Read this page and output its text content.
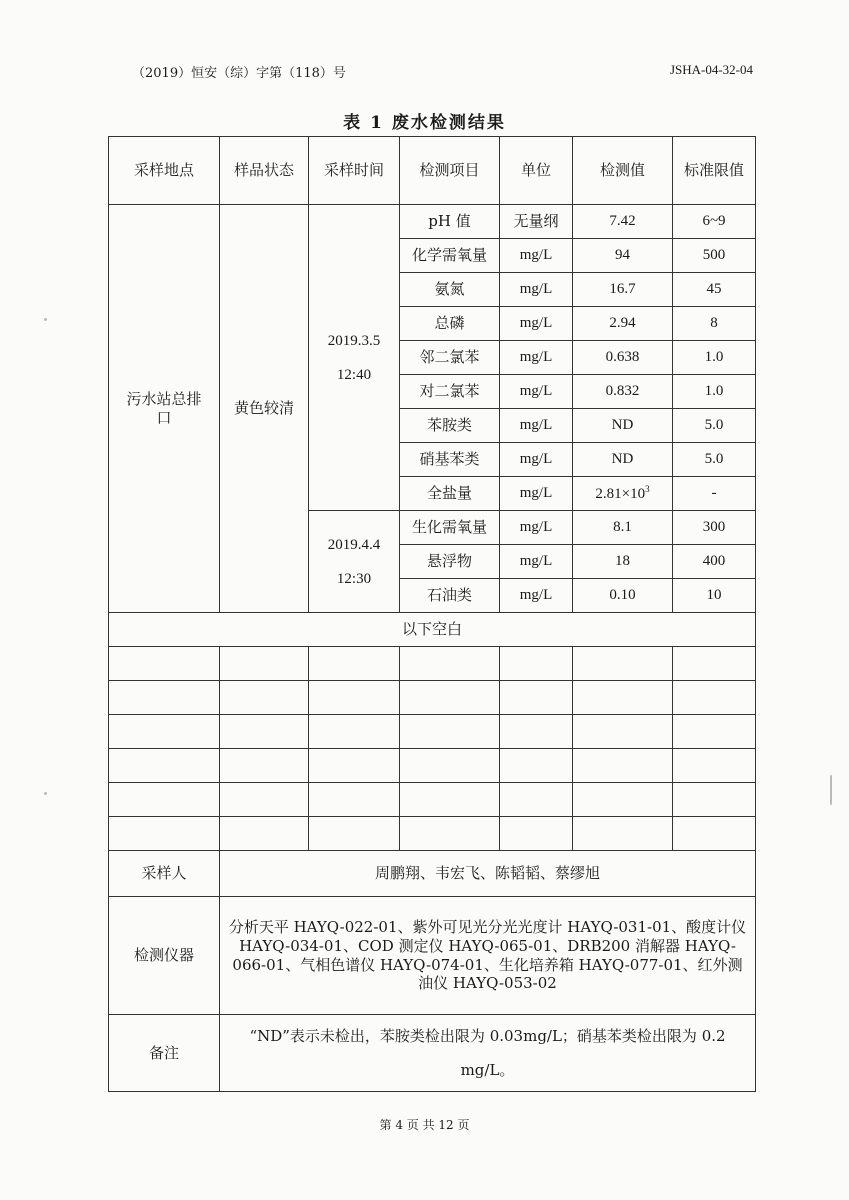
（2019）恒安（综）字第（118）号	JSHA-04-32-04
表 1 废水检测结果
采样地点	样品状态	采样时间	检测项目	单位	检测值	标准限值
污水站总排口	黄色较清	2019.3.5 12:40	pH 值	无量纲	7.42	6~9
			化学需氧量	mg/L	94	500
			氨氮	mg/L	16.7	45
			总磷	mg/L	2.94	8
			邻二氯苯	mg/L	0.638	1.0
			对二氯苯	mg/L	0.832	1.0
			苯胺类	mg/L	ND	5.0
			硝基苯类	mg/L	ND	5.0
			全盐量	mg/L	$2.81\times 10^3$	-
		2019.4.4 12:30	生化需氧量	mg/L	8.1	300
			悬浮物	mg/L	18	400
			石油类	mg/L	0.10	10
以下空白						

采样人	周鹏翔、韦宏飞、陈韬韬、蔡缪旭					
检测仪器	分析天平 HAYQ-022-01、紫外可见光分光光度计 HAYQ-031-01、酸度计仪 HAYQ-034-01、COD 测定仪 HAYQ-065-01、DRB200 消解器 HAYQ-066-01、气相色谱仪 HAYQ-074-01、生化培养箱 HAYQ-077-01、红外测油仪 HAYQ-053-02					
备注	“ND”表示未检出，苯胺类检出限为 0.03mg/L；硝基苯类检出限为 0.2 mg/L。					
第 4 页 共 12 页
